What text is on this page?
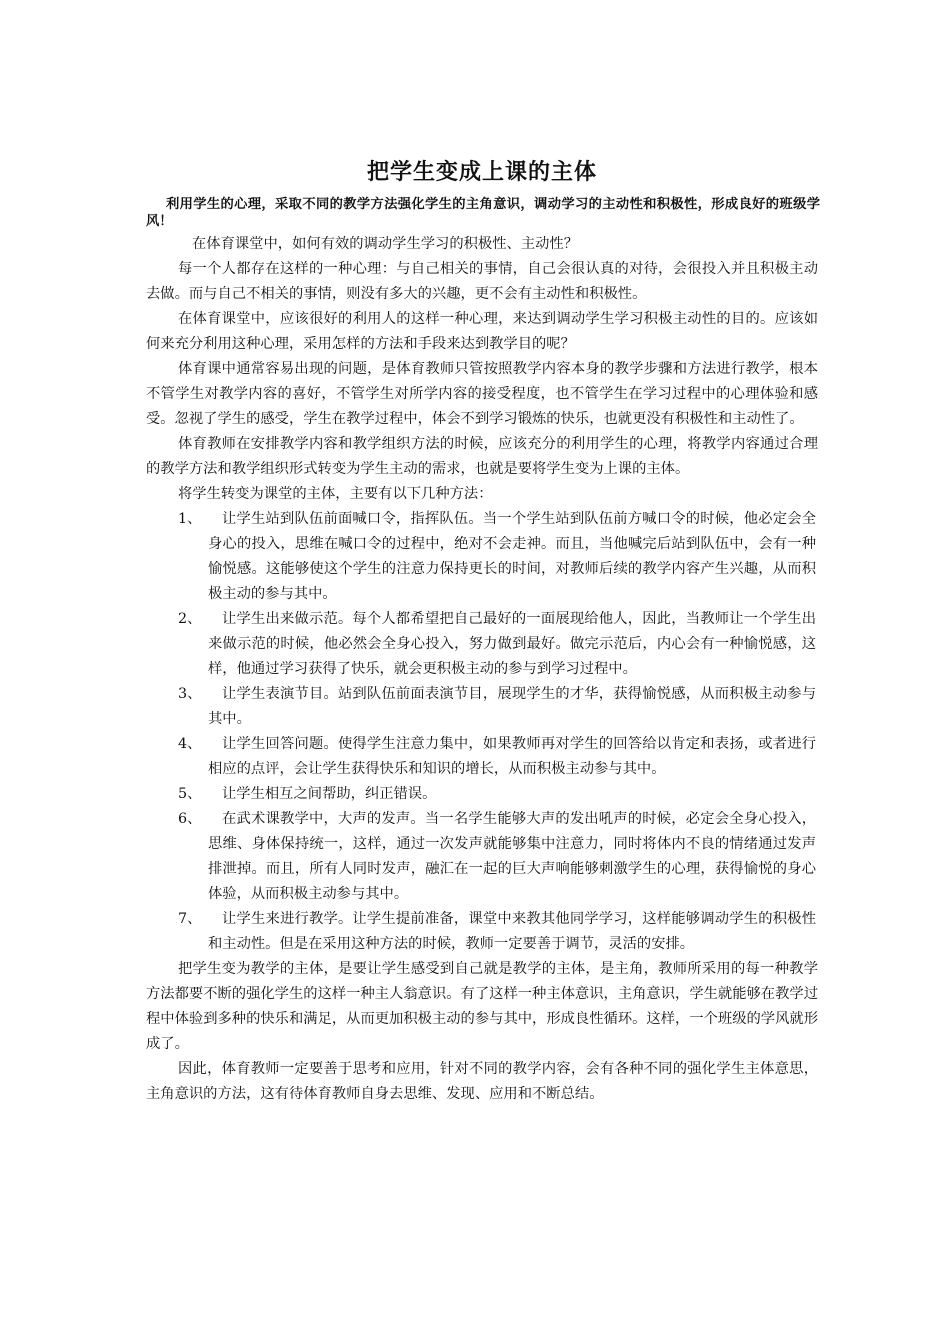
把学生变成上课的主体

利用学生的心理，采取不同的教学方法强化学生的主角意识，调动学习的主动性和积极性，形成良好的班级学风！

在体育课堂中，如何有效的调动学生学习的积极性、主动性？

每一个人都存在这样的一种心理：与自己相关的事情，自己会很认真的对待，会很投入并且积极主动去做。而与自己不相关的事情，则没有多大的兴趣，更不会有主动性和积极性。

在体育课堂中，应该很好的利用人的这样一种心理，来达到调动学生学习积极主动性的目的。应该如何来充分利用这种心理，采用怎样的方法和手段来达到教学目的呢？

体育课中通常容易出现的问题，是体育教师只管按照教学内容本身的教学步骤和方法进行教学，根本不管学生对教学内容的喜好，不管学生对所学内容的接受程度，也不管学生在学习过程中的心理体验和感受。忽视了学生的感受，学生在教学过程中，体会不到学习锻炼的快乐，也就更没有积极性和主动性了。

体育教师在安排教学内容和教学组织方法的时候，应该充分的利用学生的心理，将教学内容通过合理的教学方法和教学组织形式转变为学生主动的需求，也就是要将学生变为上课的主体。

将学生转变为课堂的主体，主要有以下几种方法：

1、	让学生站到队伍前面喊口令，指挥队伍。当一个学生站到队伍前方喊口令的时候，他必定会全身心的投入，思维在喊口令的过程中，绝对不会走神。而且，当他喊完后站到队伍中，会有一种愉悦感。这能够使这个学生的注意力保持更长的时间，对教师后续的教学内容产生兴趣，从而积极主动的参与其中。
2、	让学生出来做示范。每个人都希望把自己最好的一面展现给他人，因此，当教师让一个学生出来做示范的时候，他必然会全身心投入，努力做到最好。做完示范后，内心会有一种愉悦感，这样，他通过学习获得了快乐，就会更积极主动的参与到学习过程中。
3、	让学生表演节目。站到队伍前面表演节目，展现学生的才华，获得愉悦感，从而积极主动参与其中。
4、	让学生回答问题。使得学生注意力集中，如果教师再对学生的回答给以肯定和表扬，或者进行相应的点评，会让学生获得快乐和知识的增长，从而积极主动参与其中。
5、	让学生相互之间帮助，纠正错误。
6、	在武术课教学中，大声的发声。当一名学生能够大声的发出吼声的时候，必定会全身心投入，思维、身体保持统一，这样，通过一次发声就能够集中注意力，同时将体内不良的情绪通过发声排泄掉。而且，所有人同时发声，融汇在一起的巨大声响能够刺激学生的心理，获得愉悦的身心体验，从而积极主动参与其中。
7、	让学生来进行教学。让学生提前准备，课堂中来教其他同学学习，这样能够调动学生的积极性和主动性。但是在采用这种方法的时候，教师一定要善于调节，灵活的安排。

把学生变为教学的主体，是要让学生感受到自己就是教学的主体，是主角，教师所采用的每一种教学方法都要不断的强化学生的这样一种主人翁意识。有了这样一种主体意识，主角意识，学生就能够在教学过程中体验到多种的快乐和满足，从而更加积极主动的参与其中，形成良性循环。这样，一个班级的学风就形成了。

因此，体育教师一定要善于思考和应用，针对不同的教学内容，会有各种不同的强化学生主体意思，主角意识的方法，这有待体育教师自身去思维、发现、应用和不断总结。
